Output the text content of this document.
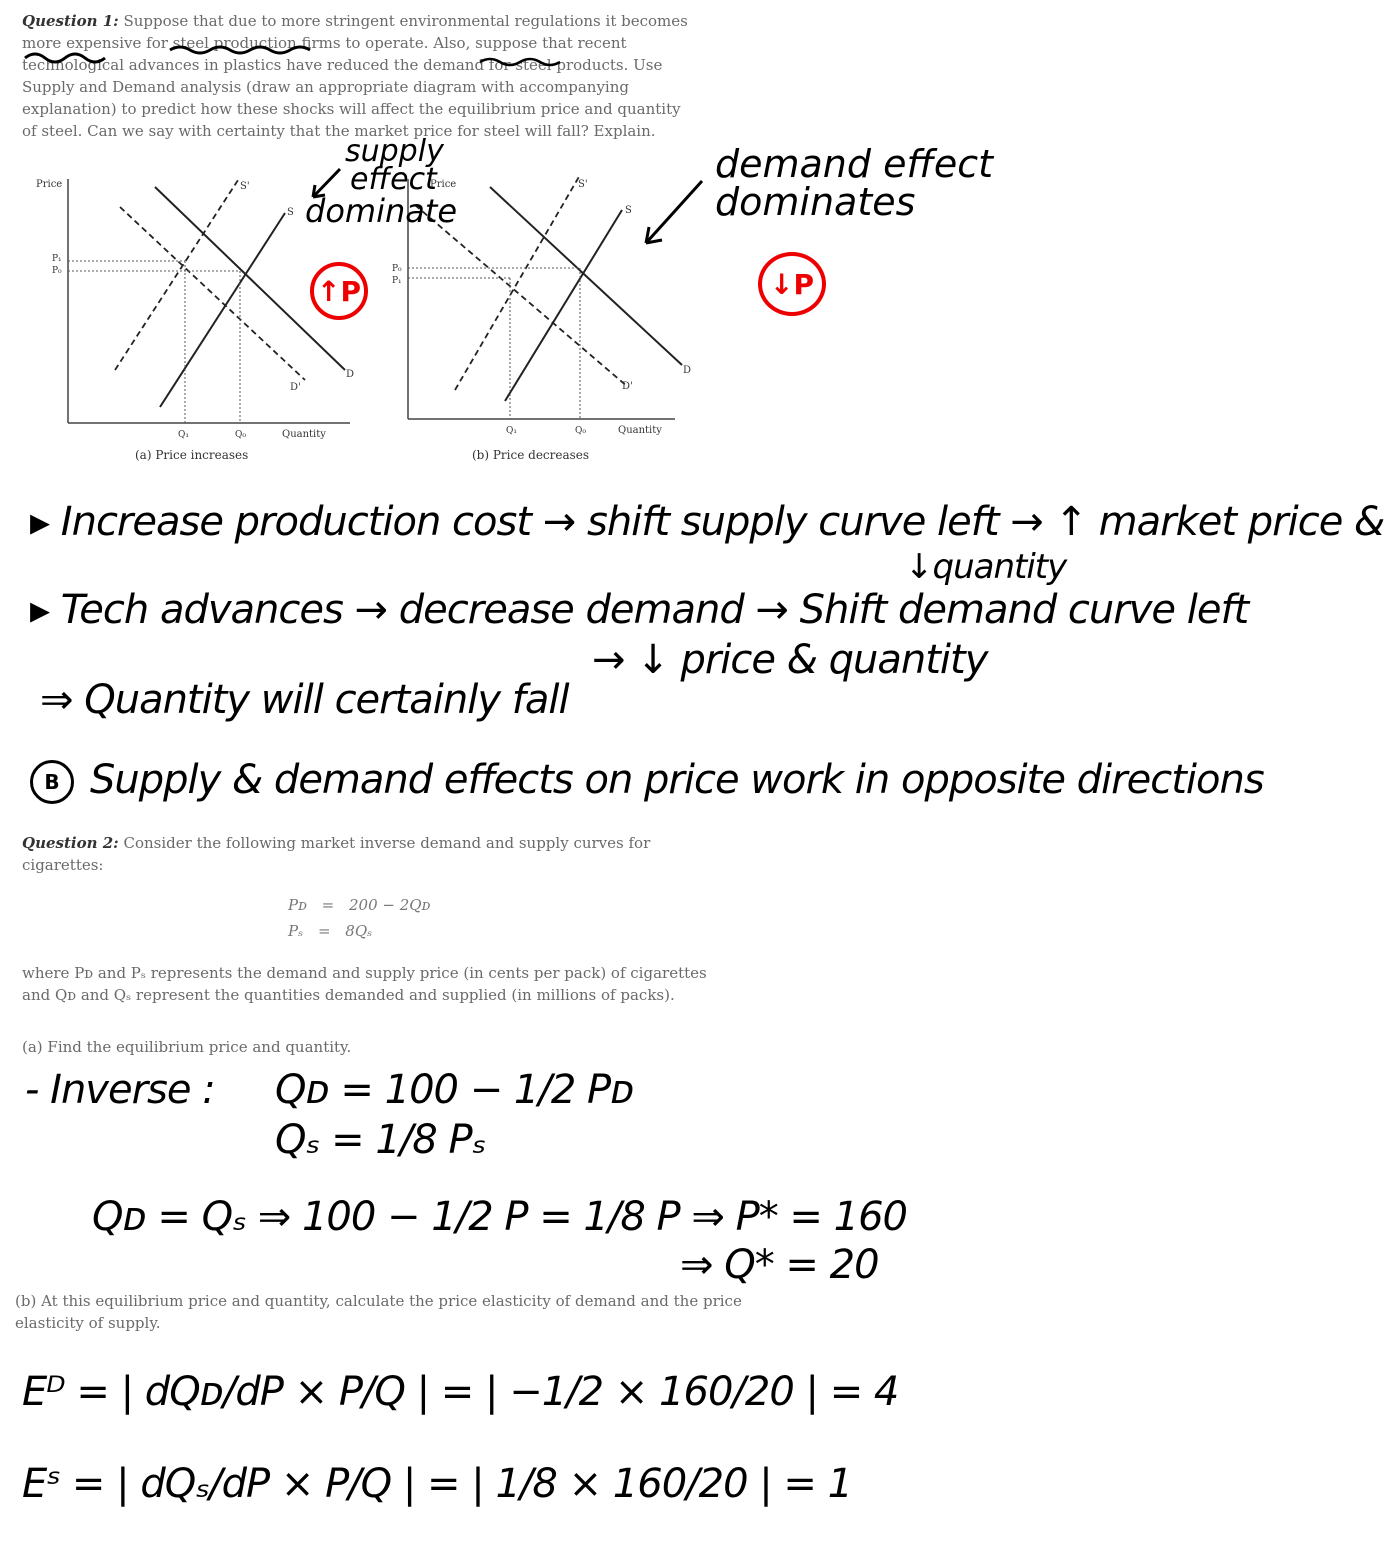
Question 1: Suppose that due to more stringent environmental regulations it becomes more expensive for steel production firms to operate. Also, suppose that recent technological advances in plastics have reduced the demand for steel products. Use Supply and Demand analysis (draw an appropriate diagram with accompanying explanation) to predict how these shocks will affect the equilibrium price and quantity of steel. Can we say with certainty that the market price for steel will fall? Explain.
Price
Quantity
S'
S
D
D'
P₁
P₀
Q₁	Q₀
(a) Price increases
Price
Quantity
S'
S
D
D'
P₀
P₁
Q₁	Q₀
(b) Price decreases
supply
effect
dominate
↑P
demand effect
dominates
↓P
▸ Increase production cost → shift supply curve left → ↑ market price &
↓quantity
▸ Tech advances → decrease demand → Shift demand curve left
→ ↓ price & quantity
⇒ Quantity will certainly fall
B Supply & demand effects on price work in opposite directions
Question 2: Consider the following market inverse demand and supply curves for cigarettes:
Pᴅ = 200 − 2Qᴅ
Pₛ = 8Qₛ
where Pᴅ and Pₛ represents the demand and supply price (in cents per pack) of cigarettes and Qᴅ and Qₛ represent the quantities demanded and supplied (in millions of packs).
(a) Find the equilibrium price and quantity.
- Inverse : Qᴅ = 100 − 1/2 Pᴅ
Qₛ = 1/8 Pₛ
Qᴅ = Qₛ ⇒ 100 − 1/2 P = 1/8 P ⇒ P* = 160
⇒ Q* = 20
(b) At this equilibrium price and quantity, calculate the price elasticity of demand and the price elasticity of supply.
Eᴰ = | dQᴅ/dP × P/Q | = | −1/2 × 160/20 | = 4
Eˢ = | dQₛ/dP × P/Q | = | 1/8 × 160/20 | = 1
